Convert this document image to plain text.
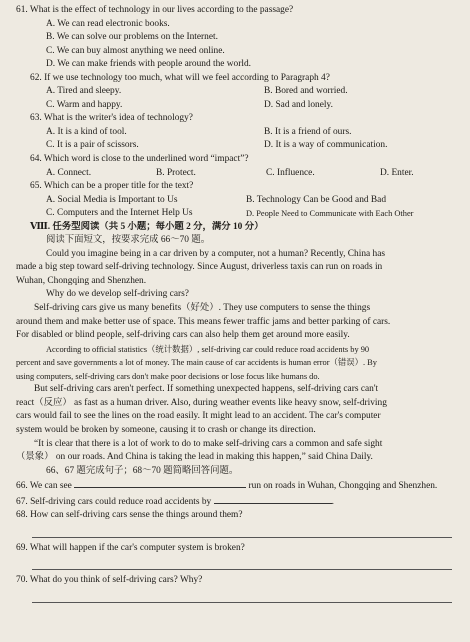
61. What is the effect of technology in our lives according to the passage?
A. We can read electronic books.
B. We can solve our problems on the Internet.
C. We can buy almost anything we need online.
D. We can make friends with people around the world.
62. If we use technology too much, what will we feel according to Paragraph 4?
A. Tired and sleepy.	B. Bored and worried.
C. Warm and happy.	D. Sad and lonely.
63. What is the writer's idea of technology?
A. It is a kind of tool.	B. It is a friend of ours.
C. It is a pair of scissors.	D. It is a way of communication.
64. Which word is close to the underlined word “impact”?
A. Connect.	B. Protect.	C. Influence.	D. Enter.
65. Which can be a proper title for the text?
A. Social Media is Important to Us	B. Technology Can be Good and Bad
C. Computers and the Internet Help Us	D. People Need to Communicate with Each Other
Ⅷ. 任务型阅读（共 5 小题；每小题 2 分，满分 10 分）
阅读下面短文，按要求完成 66～70 题。
Could you imagine being in a car driven by a computer, not a human? Recently, China has
made a big step toward self-driving technology. Since August, driverless taxis can run on roads in
Wuhan, Chongqing and Shenzhen.
Why do we develop self-driving cars?
Self-driving cars give us many benefits（好处）. They use computers to sense the things
around them and make better use of space. This means fewer traffic jams and better parking of cars.
For disabled or blind people, self-driving cars can also help them get around more easily.
According to official statistics（统计数据）, self-driving car could reduce road accidents by 90
percent and save governments a lot of money. The main cause of car accidents is human error（错误）. By
using computers, self-driving cars don't make poor decisions or lose focus like humans do.
But self-driving cars aren't perfect. If something unexpected happens, self-driving cars can't
react（反应） as fast as a human driver. Also, during weather events like heavy snow, self-driving
cars would fail to see the lines on the road easily. It might lead to an accident. The car's computer
system would be broken by someone, causing it to crash or change its direction.
“It is clear that there is a lot of work to do to make self-driving cars a common and safe sight
（景象） on our roads. And China is taking the lead in making this happen,” said China Daily.
66、67 题完成句子；68～70 题简略回答问题。
66. We can see	run on roads in Wuhan, Chongqing and Shenzhen.
67. Self-driving cars could reduce road accidents by	.
68. How can self-driving cars sense the things around them?
69. What will happen if the car's computer system is broken?
70. What do you think of self-driving cars? Why?
